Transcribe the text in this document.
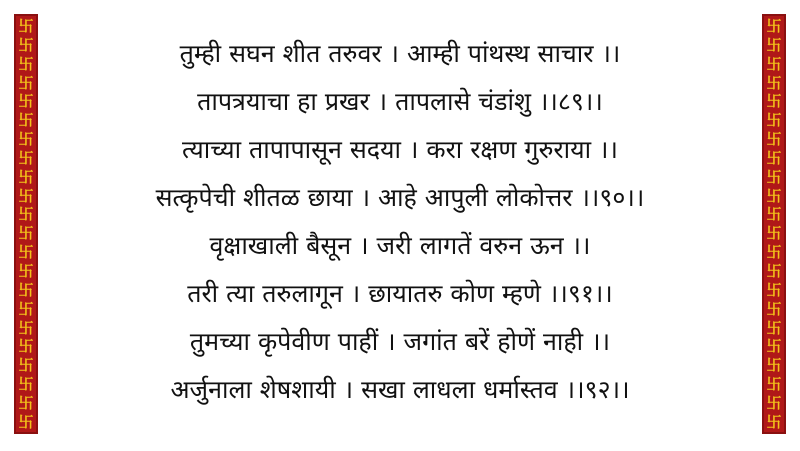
卐
卐
卐
卐
卐
卐
卐
卐
卐
卐
卐
卐
卐
卐
卐
卐
卐
卐
卐
卐
卐
卐
तुम्ही सघन शीत तरुवर । आम्ही पांथस्थ साचार ।।
तापत्रयाचा हा प्रखर । तापलासे चंडांशु ।।८९।।
त्याच्या तापापासून सदया । करा रक्षण गुरुराया ।।
सत्कृपेची शीतळ छाया । आहे आपुली लोकोत्तर ।।९०।।
वृक्षाखाली बैसून । जरी लागतें वरुन ऊन ।।
तरी त्या तरुलागून । छायातरु कोण म्हणे ।।९१।।
तुमच्या कृपेवीण पाहीं । जगांत बरें होणें नाही ।।
अर्जुनाला शेषशायी । सखा लाधला धर्मास्तव ।।९२।।
卐
卐
卐
卐
卐
卐
卐
卐
卐
卐
卐
卐
卐
卐
卐
卐
卐
卐
卐
卐
卐
卐
